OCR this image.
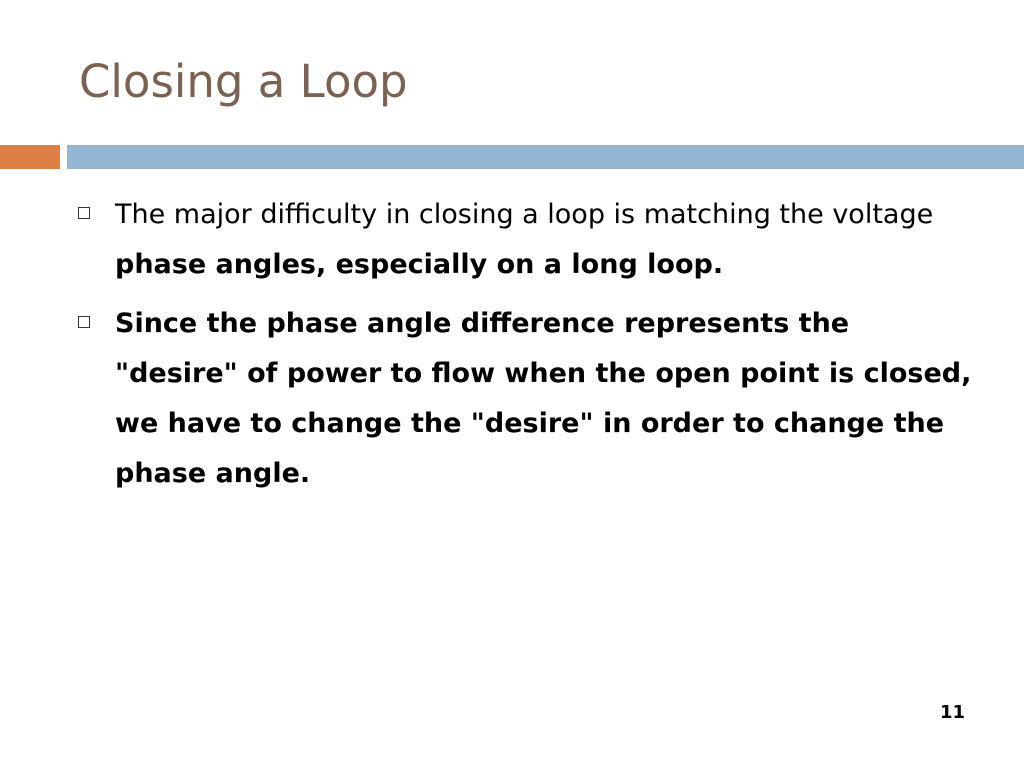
Closing a Loop
The major difficulty in closing a loop is matching the voltage phase angles, especially on a long loop.
Since the phase angle difference represents the "desire" of power to flow when the open point is closed, we have to change the "desire" in order to change the phase angle.
11
